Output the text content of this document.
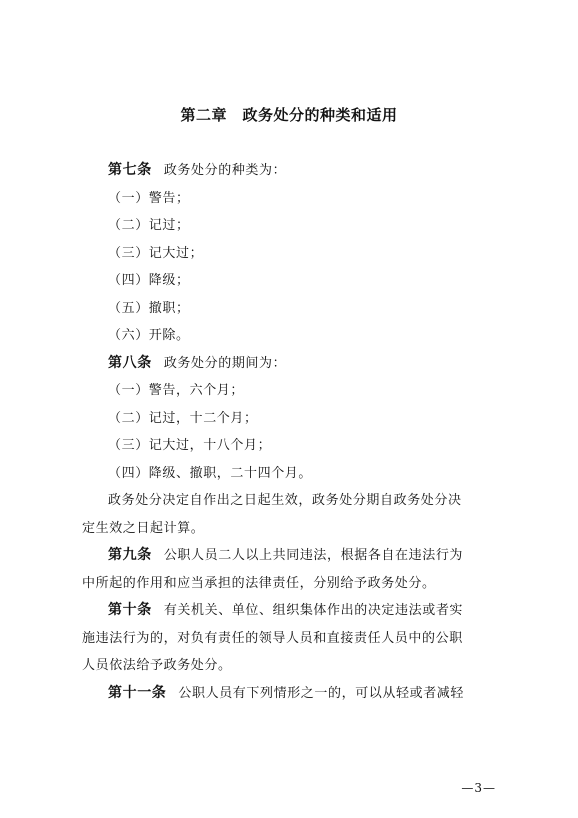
第二章　政务处分的种类和适用
第七条 政务处分的种类为：
（一）警告；
（二）记过；
（三）记大过；
（四）降级；
（五）撤职；
（六）开除。
第八条 政务处分的期间为：
（一）警告，六个月；
（二）记过，十二个月；
（三）记大过，十八个月；
（四）降级、撤职，二十四个月。
政务处分决定自作出之日起生效，政务处分期自政务处分决
定生效之日起计算。
第九条 公职人员二人以上共同违法，根据各自在违法行为
中所起的作用和应当承担的法律责任，分别给予政务处分。
第十条 有关机关、单位、组织集体作出的决定违法或者实
施违法行为的，对负有责任的领导人员和直接责任人员中的公职
人员依法给予政务处分。
第十一条 公职人员有下列情形之一的，可以从轻或者减轻
—3—
